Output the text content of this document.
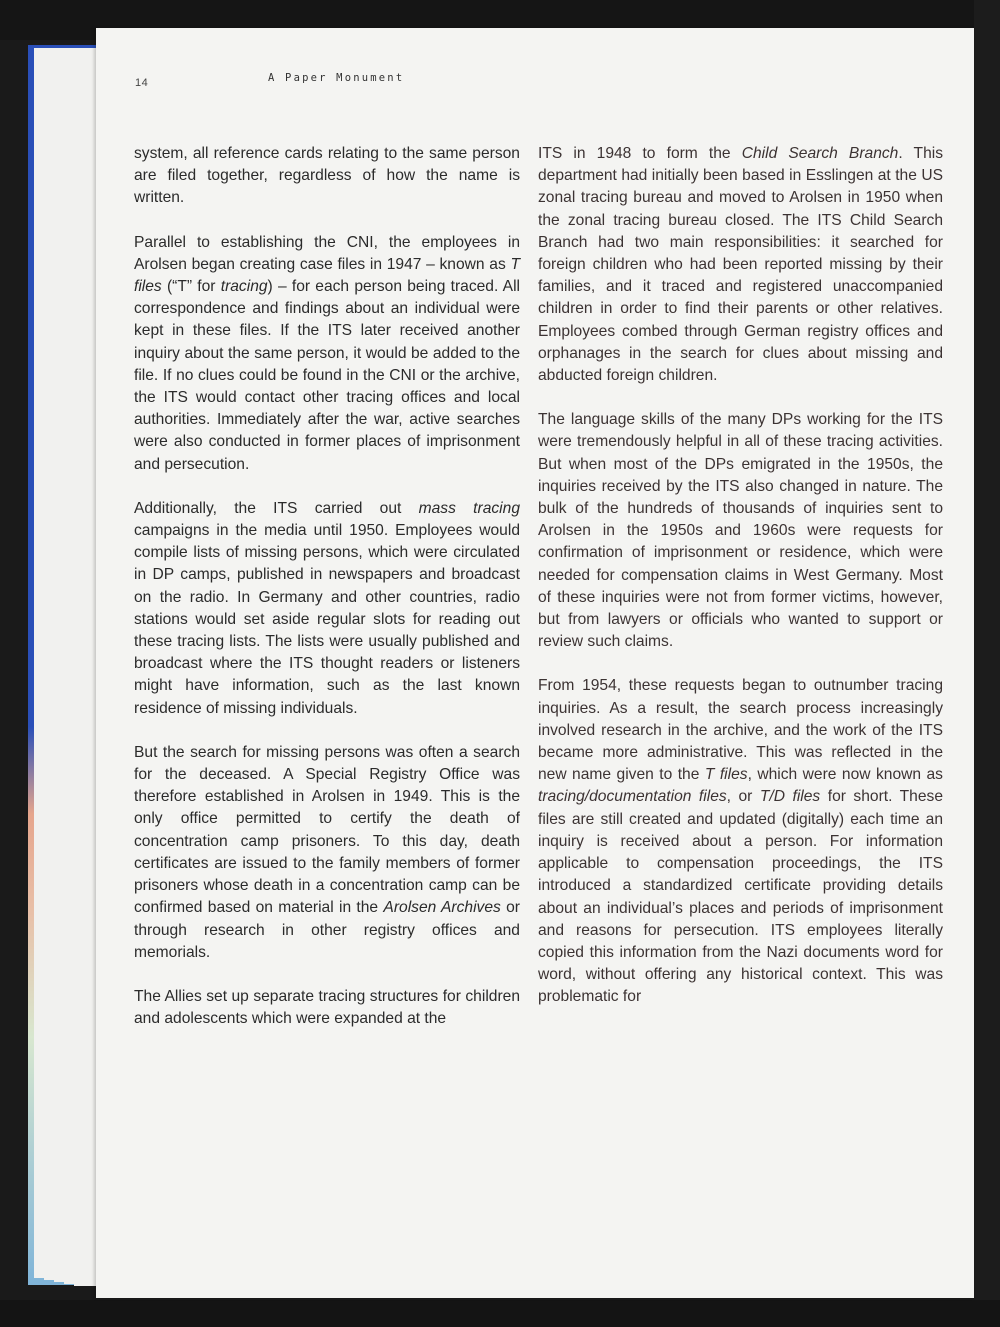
14	A Paper Monument

system, all reference cards relating to the same person are filed together, regardless of how the name is written.

Parallel to establishing the CNI, the employees in Arolsen began creating case files in 1947 – known as T files (“T” for tracing) – for each person being traced. All correspondence and findings about an individual were kept in these files. If the ITS later received another inquiry about the same person, it would be added to the file. If no clues could be found in the CNI or the archive, the ITS would contact other tracing offices and local authorities. Immediately after the war, active searches were also conducted in former places of imprisonment and persecution.

Additionally, the ITS carried out mass tracing campaigns in the media until 1950. Employees would compile lists of missing persons, which were circulated in DP camps, published in newspapers and broadcast on the radio. In Germany and other countries, radio stations would set aside regular slots for reading out these tracing lists. The lists were usually published and broadcast where the ITS thought readers or listeners might have information, such as the last known residence of missing individuals.

But the search for missing persons was often a search for the deceased. A Special Registry Office was therefore established in Arolsen in 1949. This is the only office permitted to certify the death of concentration camp prisoners. To this day, death certificates are issued to the family members of former prisoners whose death in a concentration camp can be confirmed based on material in the Arolsen Archives or through research in other registry offices and memorials.

The Allies set up separate tracing structures for children and adolescents which were expanded at the

ITS in 1948 to form the Child Search Branch. This department had initially been based in Esslingen at the US zonal tracing bureau and moved to Arolsen in 1950 when the zonal tracing bureau closed. The ITS Child Search Branch had two main responsibilities: it searched for foreign children who had been reported missing by their families, and it traced and registered unaccompanied children in order to find their parents or other relatives. Employees combed through German registry offices and orphanages in the search for clues about missing and abducted foreign children.

The language skills of the many DPs working for the ITS were tremendously helpful in all of these tracing activities. But when most of the DPs emigrated in the 1950s, the inquiries received by the ITS also changed in nature. The bulk of the hundreds of thousands of inquiries sent to Arolsen in the 1950s and 1960s were requests for confirmation of imprisonment or residence, which were needed for compensation claims in West Germany. Most of these inquiries were not from former victims, however, but from lawyers or officials who wanted to support or review such claims.

From 1954, these requests began to outnumber tracing inquiries. As a result, the search process increasingly involved research in the archive, and the work of the ITS became more administrative. This was reflected in the new name given to the T files, which were now known as tracing/documentation files, or T/D files for short. These files are still created and updated (digitally) each time an inquiry is received about a person. For information applicable to compensation proceedings, the ITS introduced a standardized certificate providing details about an individual’s places and periods of imprisonment and reasons for persecution. ITS employees literally copied this information from the Nazi documents word for word, without offering any historical context. This was problematic for
